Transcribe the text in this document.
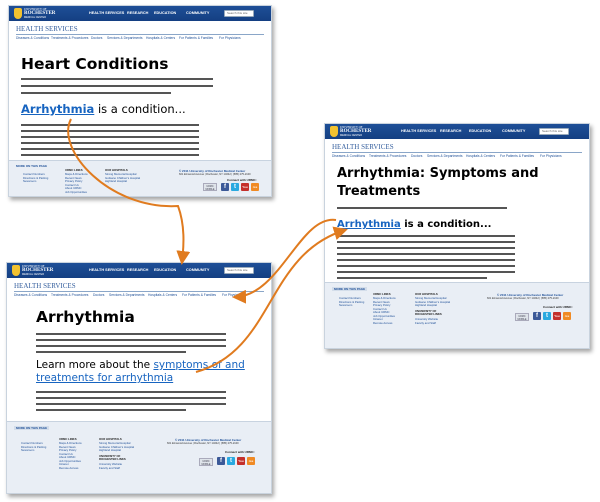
UNIVERSITY OF
ROCHESTER
MEDICAL CENTER
HEALTH SERVICES RESEARCH EDUCATION	COMMUNITY	Search this site
HEALTH SERVICES
Diseases & Conditions Treatments & Procedures Doctors Services & Departments Hospitals & Centers For Patients & Families For Physicians
Heart Conditions
Arrhythmia is a condition...
MORE ON THIS PAGE
Contact Numbers
Directions & Parking
Newsroom
URMC LINKS
Maps & Directions
Recent News
Privacy Policy
Contact Us
About URMC
Job Opportunities
OUR HOSPITALS
Strong Memorial Hospital
Golisano Children's Hospital
Highland Hospital
© 2011 University of Rochester Medical Center
601 Elmwood Avenue | Rochester, NY 14642 | (585) 275-2100
Connect with URMC:
URMC MOBILE	f	t	You	rss
UNIVERSITY OF
ROCHESTER
MEDICAL CENTER
HEALTH SERVICES RESEARCH EDUCATION	COMMUNITY	Search this site
HEALTH SERVICES
Diseases & Conditions Treatments & Procedures Doctors Services & Departments Hospitals & Centers For Patients & Families For Physicians
Arrhythmia
Learn more about the symptoms of and
treatments for arrhythmia
MORE ON THIS PAGE
Contact Numbers
Directions & Parking
Newsroom
URMC LINKS
Maps & Directions
Recent News
Privacy Policy
Contact Us
About URMC
Job Opportunities
Intranet
Remote Access
OUR HOSPITALS
Strong Memorial Hospital
Golisano Children's Hospital
Highland Hospital
UNIVERSITY OF ROCHESTER LINKS
University Website
Faculty and Staff
© 2011 University of Rochester Medical Center
601 Elmwood Avenue | Rochester, NY 14642 | (585) 275-2100
Connect with URMC:
URMC MOBILE
f	t	You	rss
UNIVERSITY OF
ROCHESTER
MEDICAL CENTER
HEALTH SERVICES RESEARCH EDUCATION	COMMUNITY	Search this site
HEALTH SERVICES
Diseases & Conditions Treatments & Procedures Doctors Services & Departments Hospitals & Centers For Patients & Families For Physicians
Arrhythmia: Symptoms and
Treatments
Arrhythmia is a condition...
MORE ON THIS PAGE
Contact Numbers
Directions & Parking
Newsroom
URMC LINKS
Maps & Directions
Recent News
Privacy Policy
Contact Us
About URMC
Job Opportunities
Intranet
Remote Access
OUR HOSPITALS
Strong Memorial Hospital
Golisano Children's Hospital
Highland Hospital
UNIVERSITY OF ROCHESTER LINKS
University Website
Faculty and Staff
© 2011 University of Rochester Medical Center
601 Elmwood Avenue | Rochester, NY 14642 | (585) 275-2100
Connect with URMC:
URMC MOBILE
f	t	You	rss
